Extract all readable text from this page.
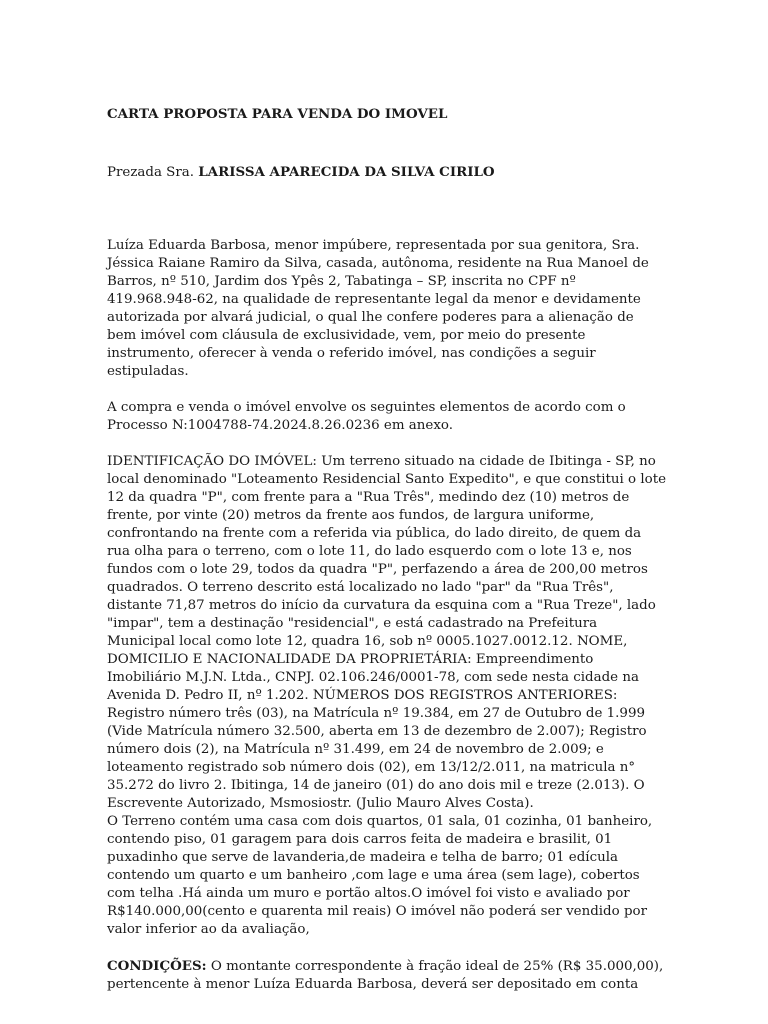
CARTA PROPOSTA PARA VENDA DO IMOVEL

Prezada Sra. LARISSA APARECIDA DA SILVA CIRILO

Luíza Eduarda Barbosa, menor impúbere, representada por sua genitora, Sra. Jéssica Raiane Ramiro da Silva, casada, autônoma, residente na Rua Manoel de Barros, nº 510, Jardim dos Ypês 2, Tabatinga – SP, inscrita no CPF nº 419.968.948-62, na qualidade de representante legal da menor e devidamente autorizada por alvará judicial, o qual lhe confere poderes para a alienação de bem imóvel com cláusula de exclusividade, vem, por meio do presente instrumento, oferecer à venda o referido imóvel, nas condições a seguir estipuladas.

A compra e venda o imóvel envolve os seguintes elementos de acordo com o Processo N:1004788-74.2024.8.26.0236 em anexo.

IDENTIFICAÇÃO DO IMÓVEL: Um terreno situado na cidade de Ibitinga - SP, no local denominado "Loteamento Residencial Santo Expedito", e que constitui o lote 12 da quadra "P", com frente para a "Rua Três", medindo dez (10) metros de frente, por vinte (20) metros da frente aos fundos, de largura uniforme, confrontando na frente com a referida via pública, do lado direito, de quem da rua olha para o terreno, com o lote 11, do lado esquerdo com o lote 13 e, nos fundos com o lote 29, todos da quadra "P", perfazendo a área de 200,00 metros quadrados. O terreno descrito está localizado no lado "par" da "Rua Três", distante 71,87 metros do início da curvatura da esquina com a "Rua Treze", lado "impar", tem a destinação "residencial", e está cadastrado na Prefeitura Municipal local como lote 12, quadra 16, sob nº 0005.1027.0012.12. NOME, DOMICILIO E NACIONALIDADE DA PROPRIETÁRIA: Empreendimento Imobiliário M.J.N. Ltda., CNPJ. 02.106.246/0001-78, com sede nesta cidade na Avenida D. Pedro II, nº 1.202. NÚMEROS DOS REGISTROS ANTERIORES: Registro número três (03), na Matrícula nº 19.384, em 27 de Outubro de 1.999 (Vide Matrícula número 32.500, aberta em 13 de dezembro de 2.007); Registro número dois (2), na Matrícula nº 31.499, em 24 de novembro de 2.009; e loteamento registrado sob número dois (02), em 13/12/2.011, na matricula n° 35.272 do livro 2. Ibitinga, 14 de janeiro (01) do ano dois mil e treze (2.013). O Escrevente Autorizado, Msmosiostr. (Julio Mauro Alves Costa).

O Terreno contém uma casa com dois quartos, 01 sala, 01 cozinha, 01 banheiro, contendo piso, 01 garagem para dois carros feita de madeira e brasilit, 01 puxadinho que serve de lavanderia,de madeira e telha de barro; 01 edícula contendo um quarto e um banheiro ,com lage e uma área (sem lage), cobertos com telha .Há ainda um muro e portão altos.O imóvel foi visto e avaliado por R$140.000,00(cento e quarenta mil reais) O imóvel não poderá ser vendido por valor inferior ao da avaliação,

CONDIÇÕES: O montante correspondente à fração ideal de 25% (R$ 35.000,00), pertencente à menor Luíza Eduarda Barbosa, deverá ser depositado em conta
